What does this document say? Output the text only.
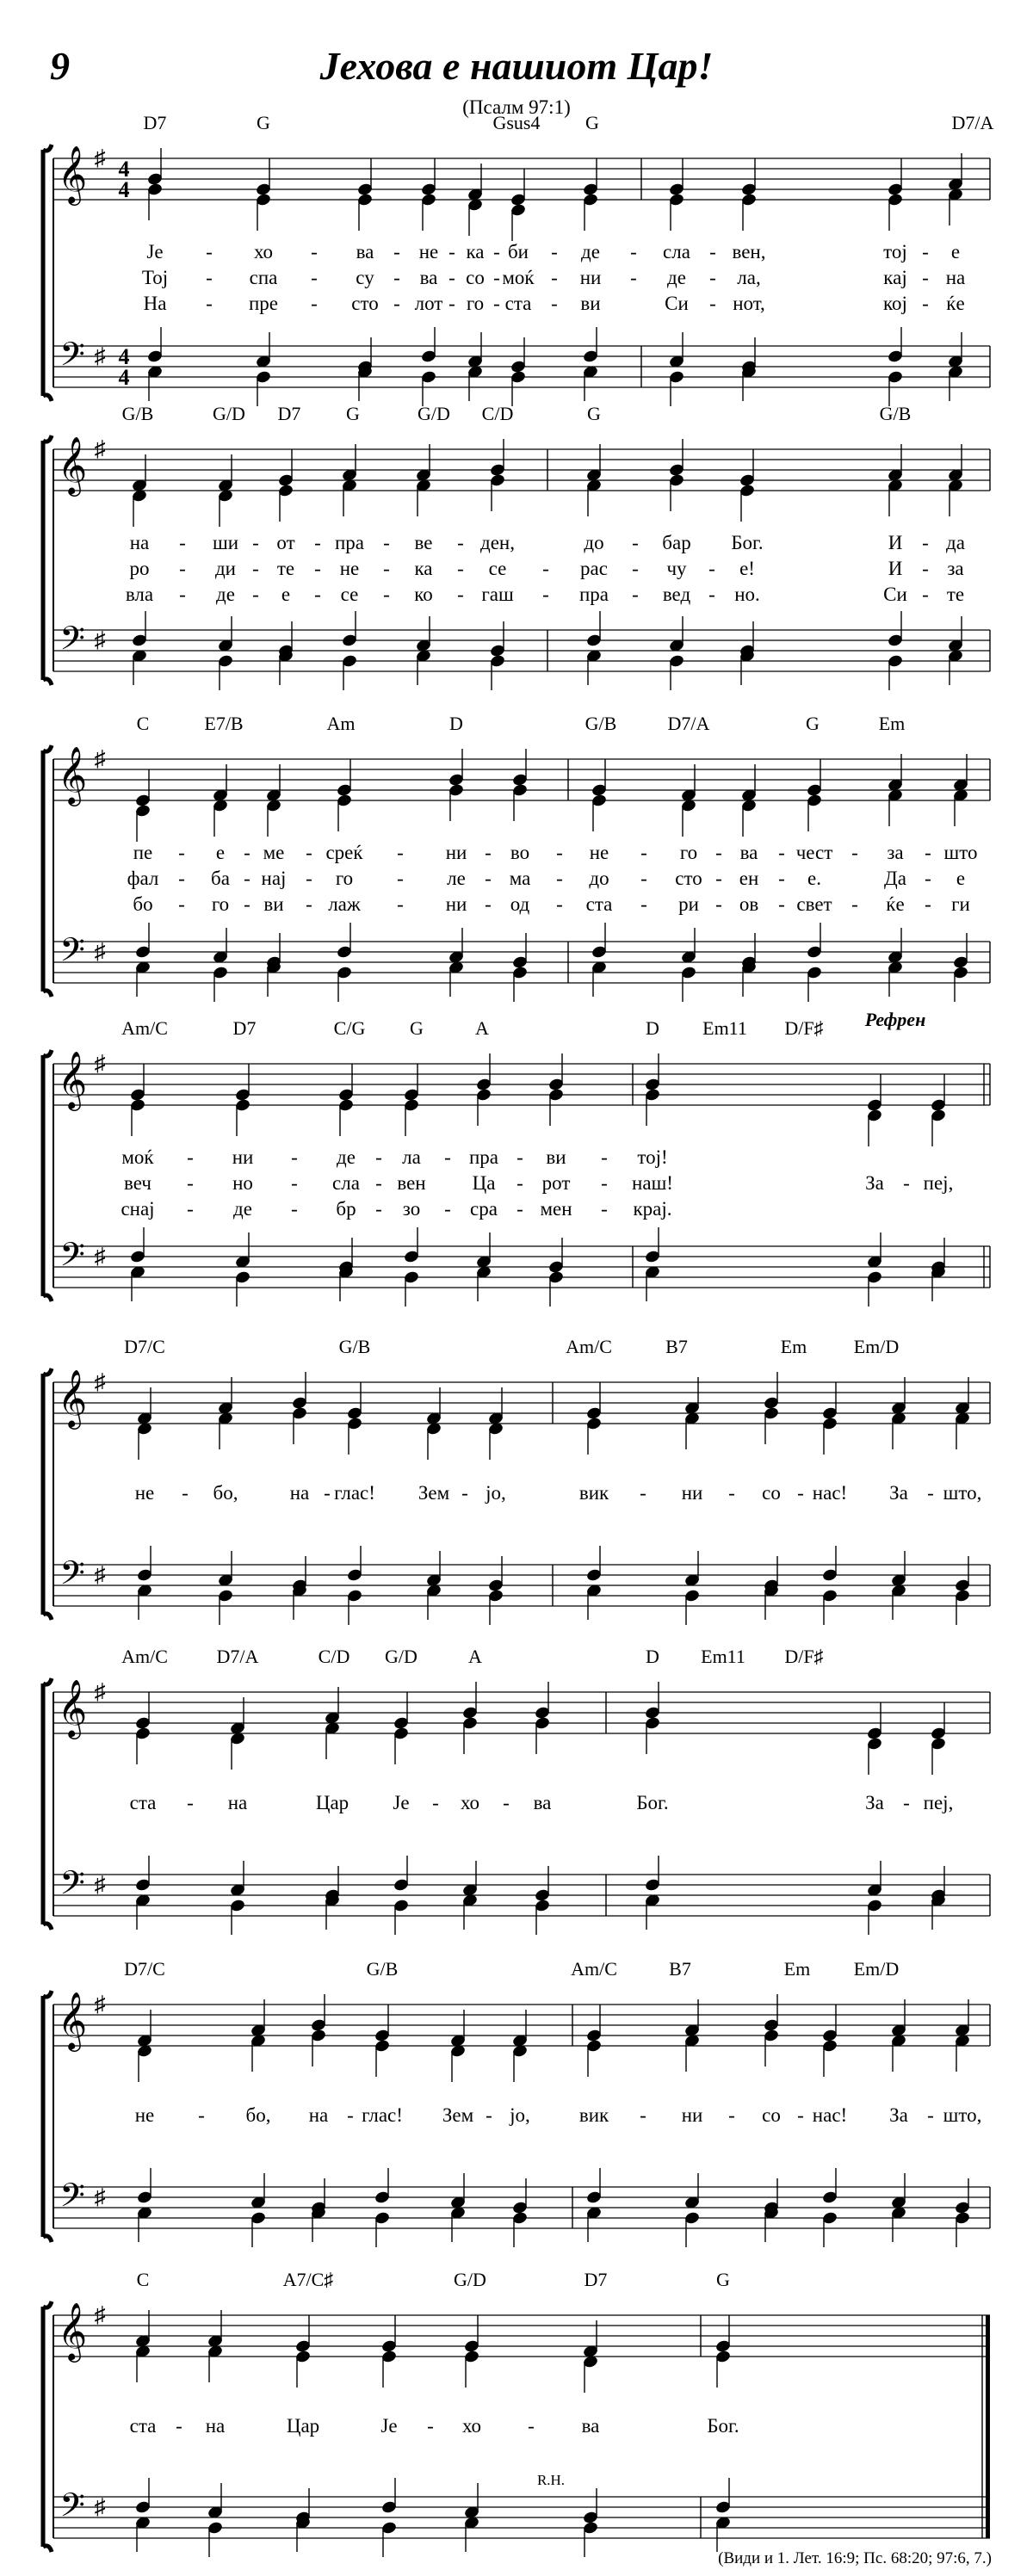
9	Јехова е нашиот Цар!
(Псалм 97:1)
𝄞
𝄢
♯
♯
4
4
4
4
D7	G	Gsus4 G	D7/A
Је - хо - ва - не - ка - би - де - сла - вен,	тој - е
Тој - спа - су - ва - со - моќ - ни - де - ла,	кај - на
На - пре - сто - лот - го - ста - ви	Си - нот,	кој - ќе
𝄞
𝄢
♯
♯
G/B	G/D D7 G	G/D C/D	G	G/B
на - ши - от - пра - ве - ден,	до - бар Бог.	И - да
ро - ди - те - не - ка - се - рас - чу - е!	И - за
вла - де - е - се - ко - гаш - пра - вед - но.	Си - те
𝄞
𝄢
♯
♯
C	E7/B	Am	D	G/B	D7/A	G	Em
пе - е - ме - срeќ - ни - во - не - го - ва - чест - за - што
фал - ба - нај - го - ле - ма - до - сто - ен - е.	Да - е
бо - го - ви - лаж - ни - од - ста - ри - ов - свет - ќе - ги
𝄞
𝄢
♯
♯
Am/C	D7	C/G G	A	D Em11 D/F♯
моќ - ни - де - ла - пра - ви - тој!
веч - но - сла - вен Ца - рот - наш!	За - пеј,
снај - де - бр - зо - сра - мен - крај.
𝄞
𝄢
♯
♯
D7/C	G/B	Am/C	B7	Em Em/D
не - бо,	на - глас! Зем - јо,	вик - ни - со - нас! За - што,
𝄞
𝄢
♯
♯
Am/C	D7/A	C/D G/D	A	D Em11 D/F♯
ста - на	Цар Је - хо - ва	Бог.	За - пеј,
𝄞
𝄢
♯
♯
D7/C	G/B	Am/C	B7	Em Em/D
не - бо, на - глас! Зем - јо, вик - ни - со - нас! За - што,
𝄞
𝄢
♯
♯
C	A7/C♯	G/D	D7	G
ста - на	Цар	Је - хо - ва	Бог.
Рефрен
R.H.
(Види и 1. Лет. 16:9; Пс. 68:20; 97:6, 7.)
